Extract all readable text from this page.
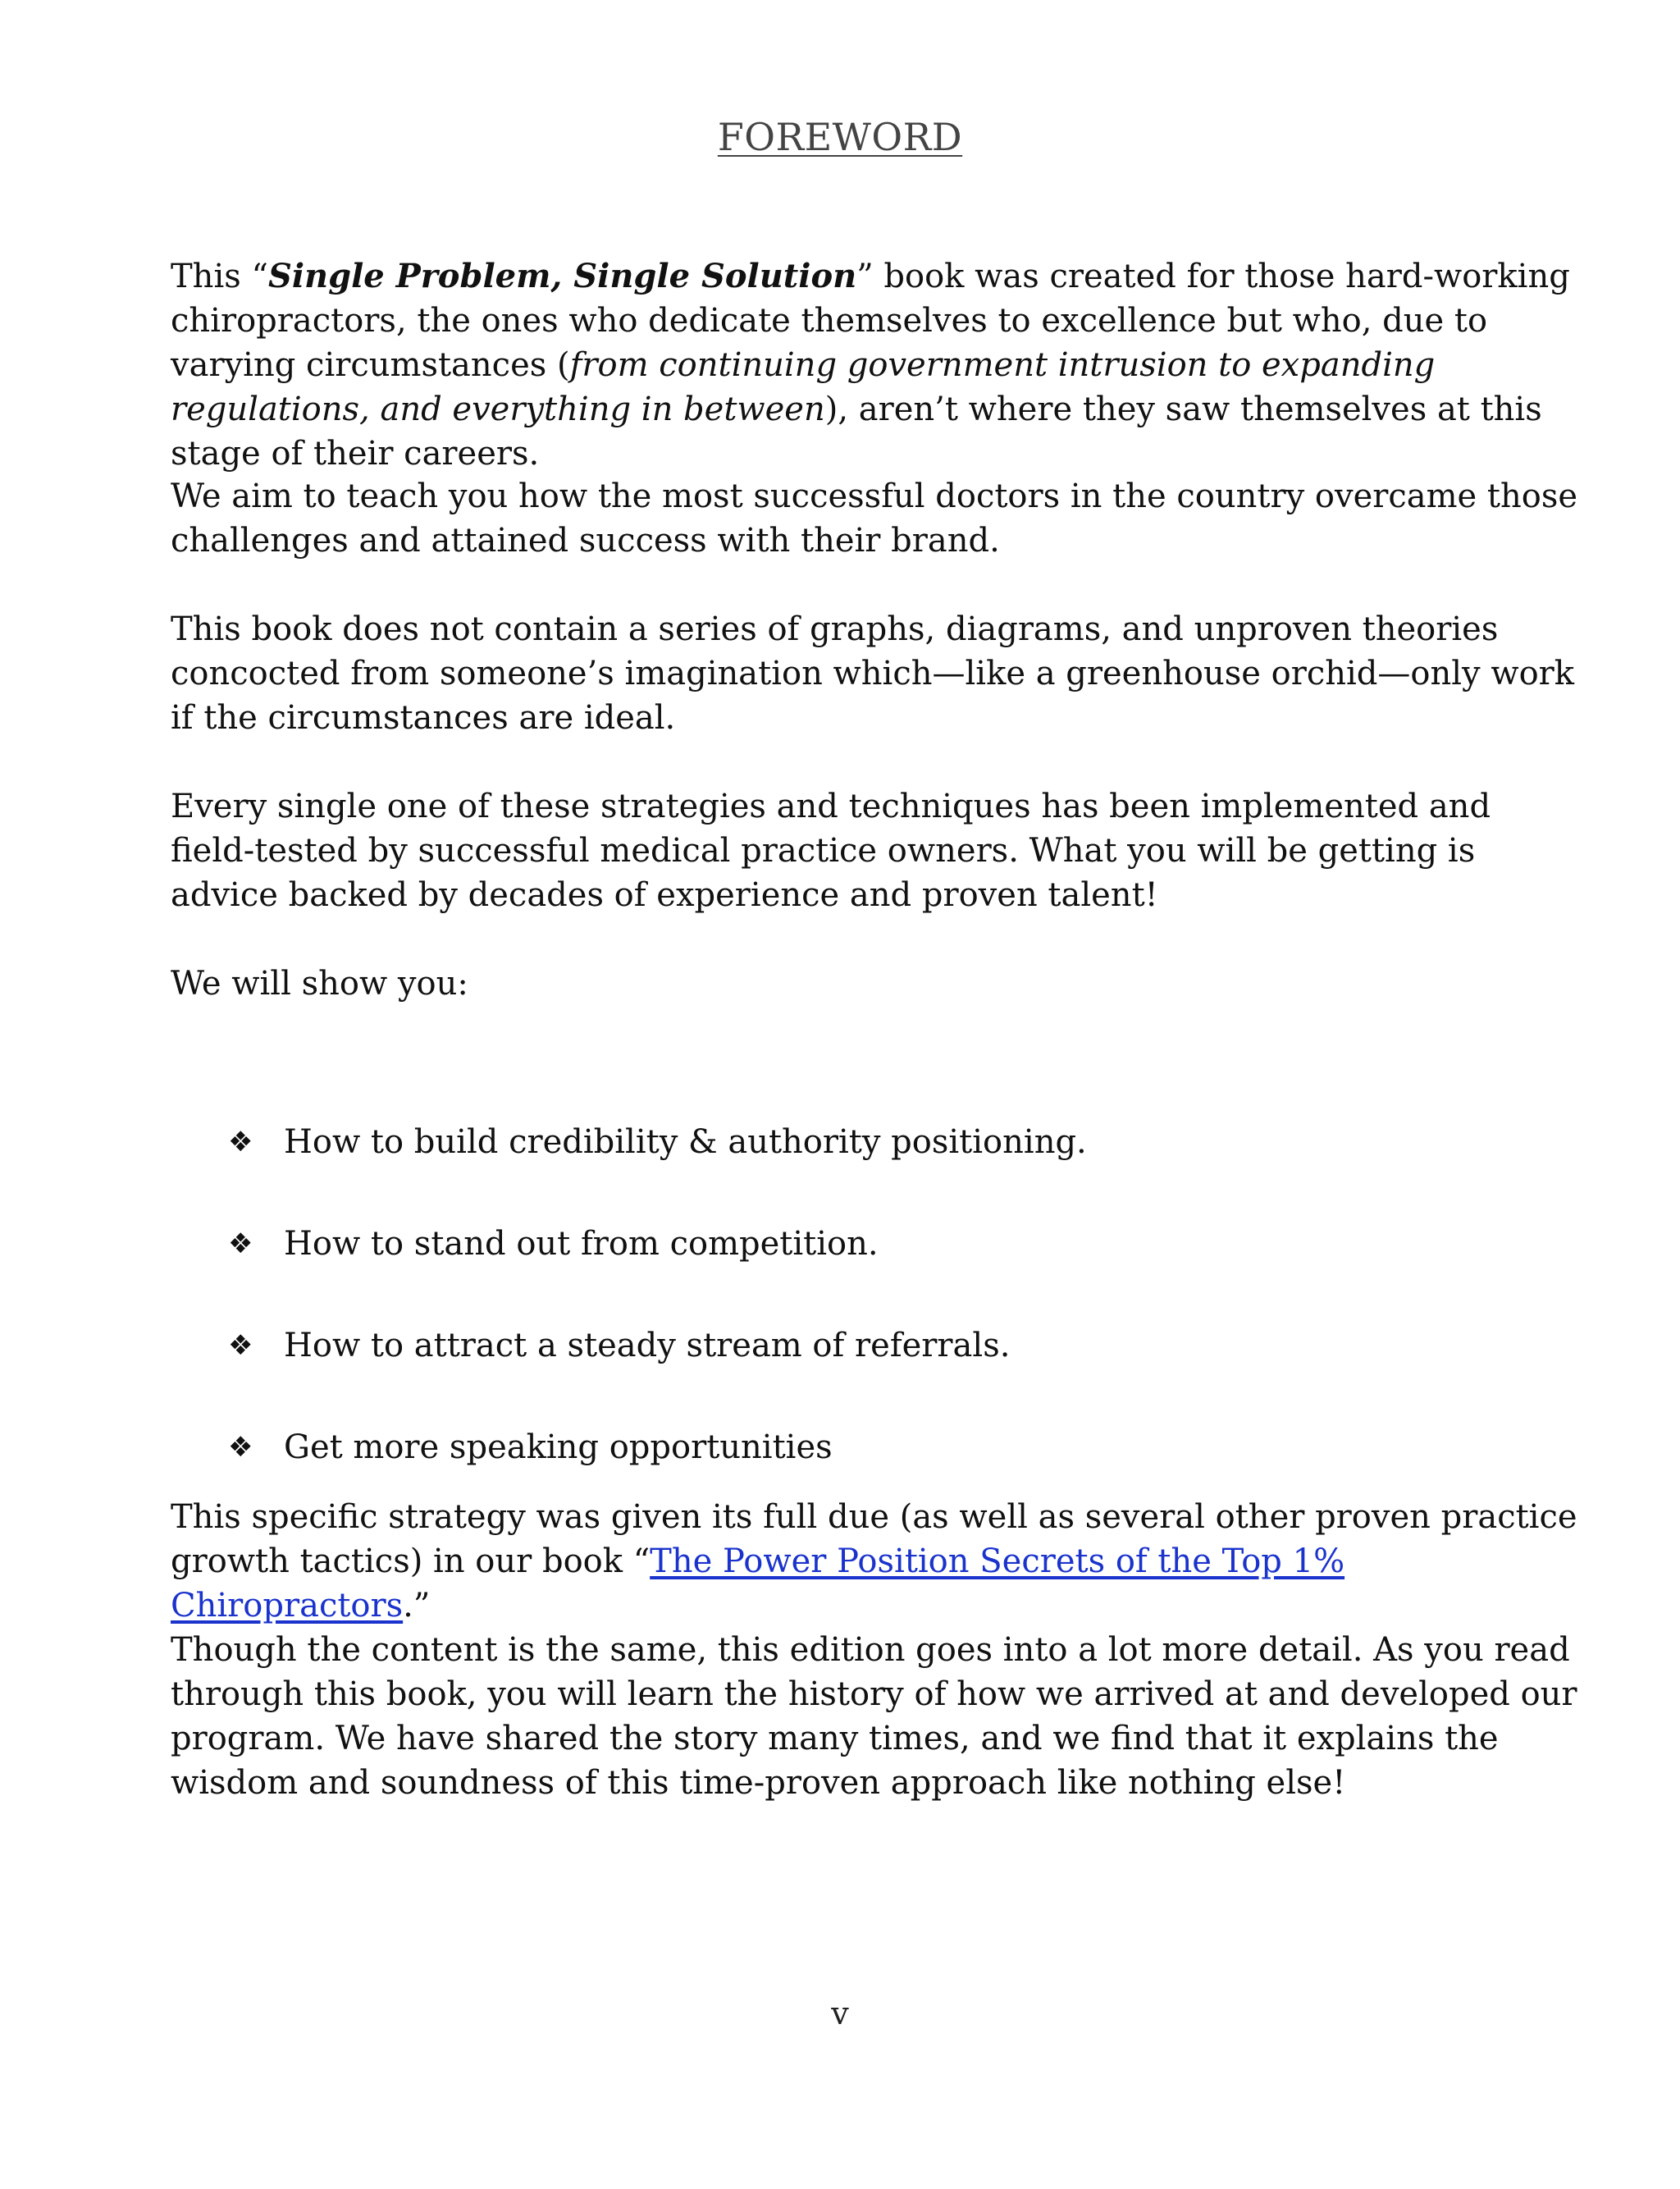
FOREWORD

This “Single Problem, Single Solution” book was created for those hard-working chiropractors, the ones who dedicate themselves to excellence but who, due to varying circumstances (from continuing government intrusion to expanding regulations, and everything in between), aren’t where they saw themselves at this stage of their careers.

We aim to teach you how the most successful doctors in the country overcame those challenges and attained success with their brand.

This book does not contain a series of graphs, diagrams, and unproven theories concocted from someone’s imagination which—like a greenhouse orchid—only work if the circumstances are ideal.

Every single one of these strategies and techniques has been implemented and field-tested by successful medical practice owners. What you will be getting is advice backed by decades of experience and proven talent!

We will show you:

❖ How to build credibility & authority positioning.
❖ How to stand out from competition.
❖ How to attract a steady stream of referrals.
❖ Get more speaking opportunities

This specific strategy was given its full due (as well as several other proven practice growth tactics) in our book “The Power Position Secrets of the Top 1% Chiropractors.”

Though the content is the same, this edition goes into a lot more detail. As you read through this book, you will learn the history of how we arrived at and developed our program. We have shared the story many times, and we find that it explains the wisdom and soundness of this time-proven approach like nothing else!

v
